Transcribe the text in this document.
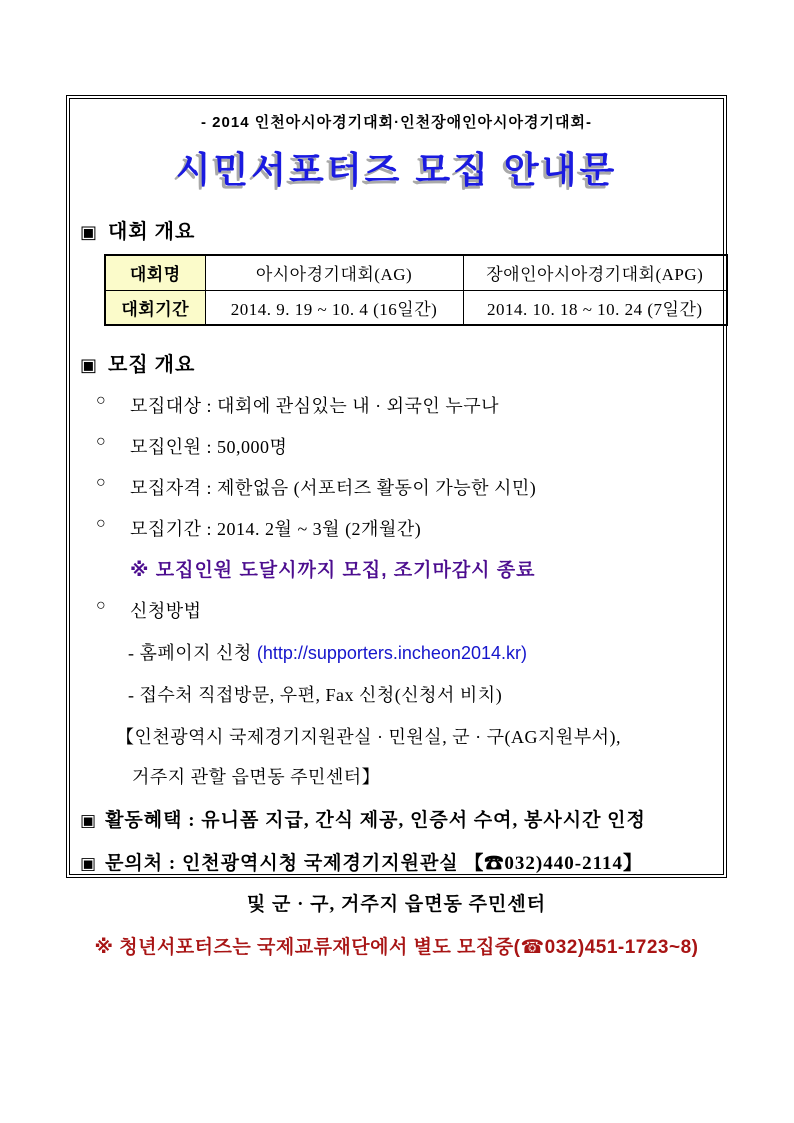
- 2014 인천아시아경기대회·인천장애인아시아경기대회-
시민서포터즈 모집 안내문
▣ 대회 개요
대회명	아시아경기대회(AG)	장애인아시아경기대회(APG)
대회기간	2014. 9. 19 ~ 10. 4 (16일간)	2014. 10. 18 ~ 10. 24 (7일간)
▣ 모집 개요
○	모집대상 : 대회에 관심있는 내 · 외국인 누구나
○	모집인원 : 50,000명
○	모집자격 : 제한없음 (서포터즈 활동이 가능한 시민)
○	모집기간 : 2014. 2월 ~ 3월 (2개월간)
※ 모집인원 도달시까지 모집, 조기마감시 종료
○	신청방법
- 홈페이지 신청 (http://supporters.incheon2014.kr)
- 접수처 직접방문, 우편, Fax 신청(신청서 비치)
【인천광역시 국제경기지원관실 · 민원실, 군 · 구(AG지원부서),
거주지 관할 읍면동 주민센터】
▣ 활동혜택 : 유니폼 지급, 간식 제공, 인증서 수여, 봉사시간 인정
▣ 문의처 : 인천광역시청 국제경기지원관실 【☎032)440-2114】
및 군 · 구, 거주지 읍면동 주민센터
※ 청년서포터즈는 국제교류재단에서 별도 모집중(☎032)451-1723~8)
